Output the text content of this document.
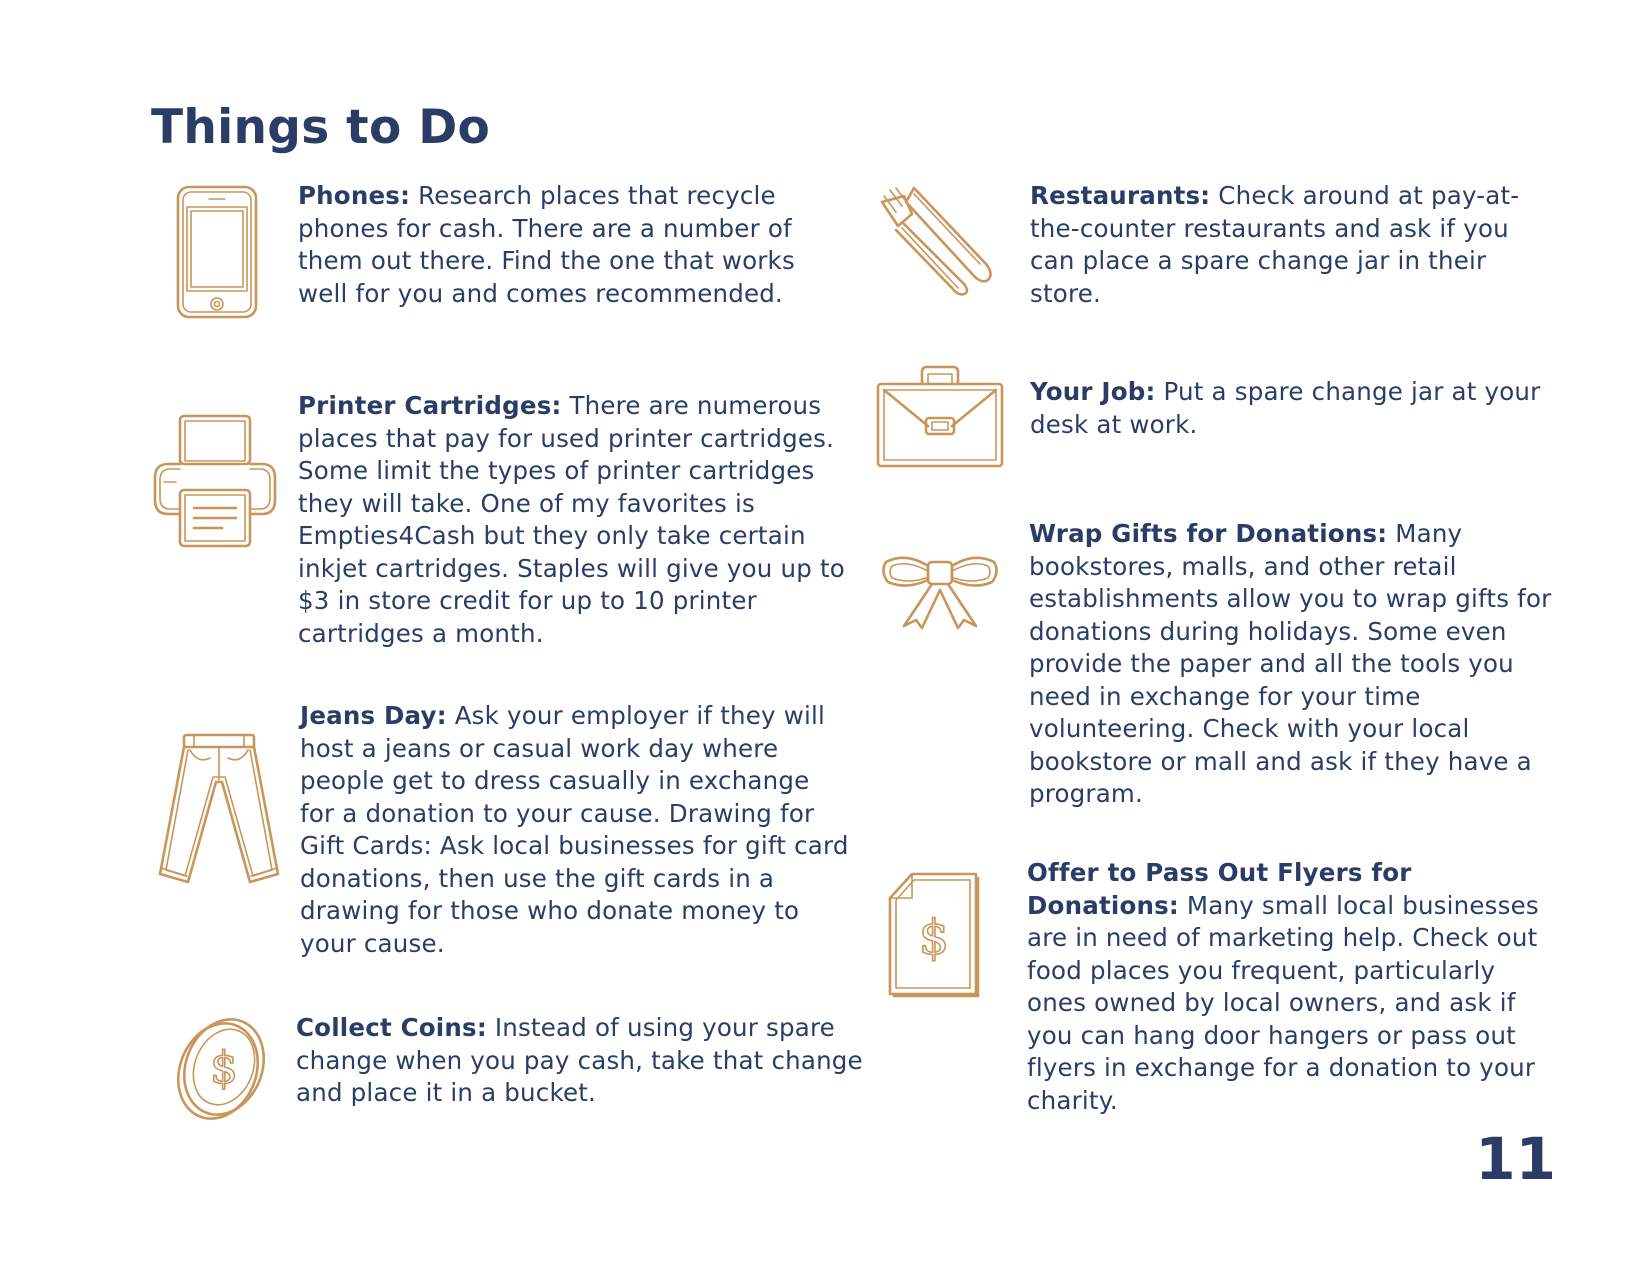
Things to Do

Phones: Research places that recycle phones for cash. There are a number of them out there. Find the one that works well for you and comes recommended.

Printer Cartridges: There are numerous places that pay for used printer cartridges. Some limit the types of printer cartridges they will take. One of my favorites is Empties4Cash but they only take certain inkjet cartridges. Staples will give you up to $3 in store credit for up to 10 printer cartridges a month.

Jeans Day: Ask your employer if they will host a jeans or casual work day where people get to dress casually in exchange for a donation to your cause. Drawing for Gift Cards: Ask local businesses for gift card donations, then use the gift cards in a drawing for those who donate money to your cause.

$

Collect Coins: Instead of using your spare change when you pay cash, take that change and place it in a bucket.

Restaurants: Check around at pay-at-the-counter restaurants and ask if you can place a spare change jar in their store.

Your Job: Put a spare change jar at your desk at work.

Wrap Gifts for Donations: Many bookstores, malls, and other retail establishments allow you to wrap gifts for donations during holidays. Some even provide the paper and all the tools you need in exchange for your time volunteering. Check with your local bookstore or mall and ask if they have a program.

$

Offer to Pass Out Flyers for Donations: Many small local businesses are in need of marketing help. Check out food places you frequent, particularly ones owned by local owners, and ask if you can hang door hangers or pass out flyers in exchange for a donation to your charity.

11
